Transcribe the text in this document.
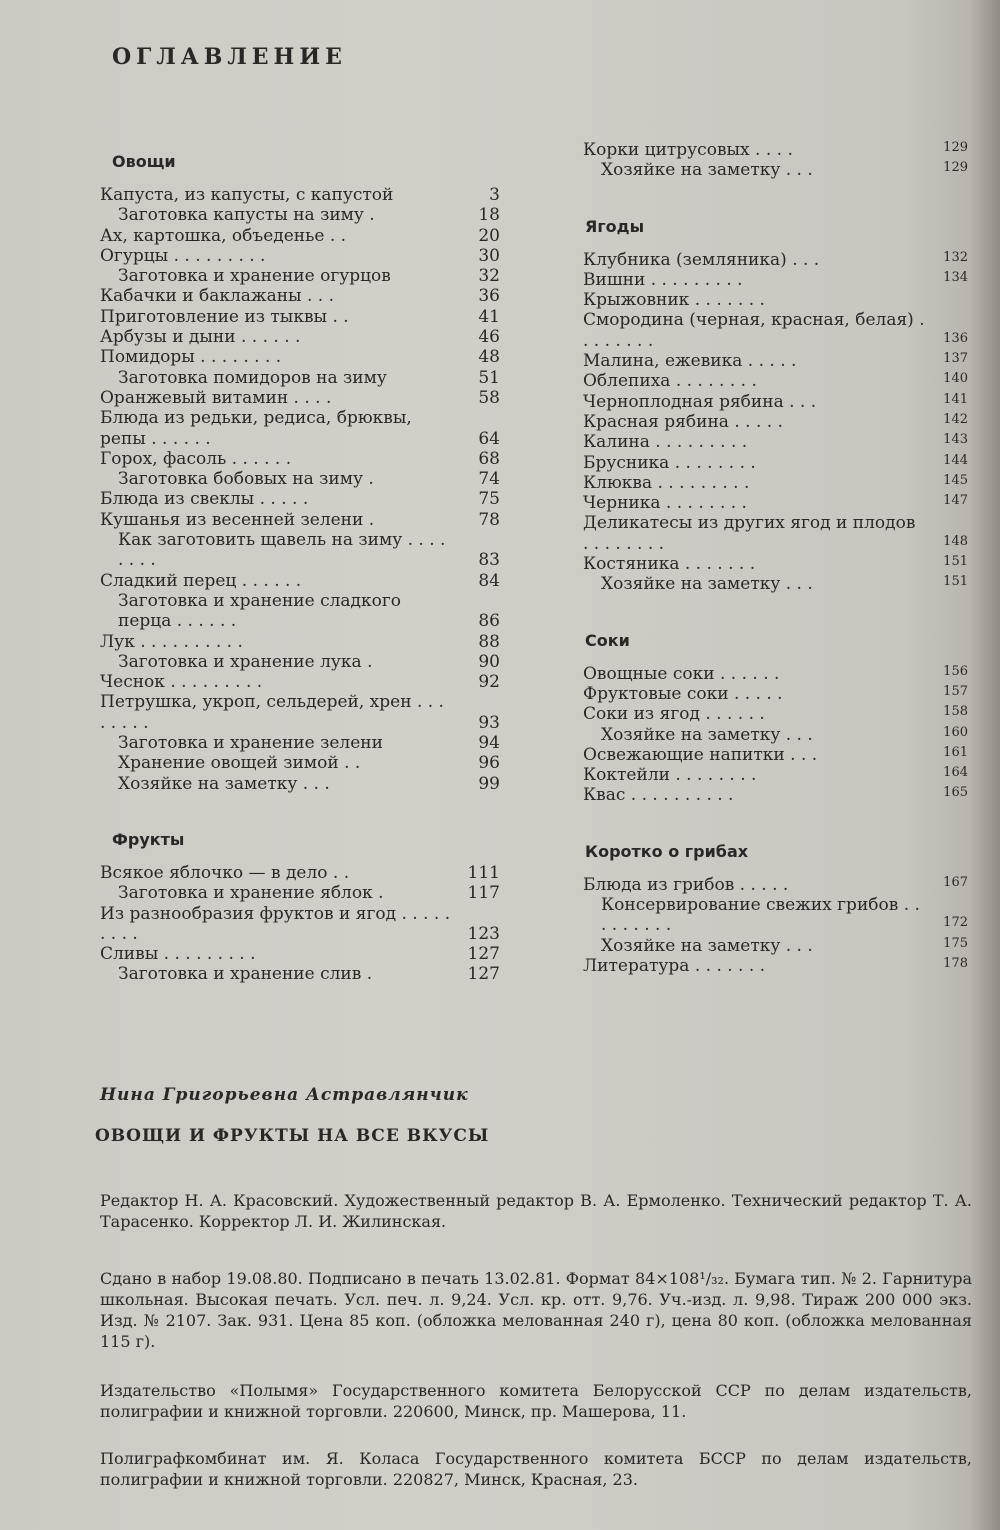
ОГЛАВЛЕНИЕ
Овощи
Капуста, из капусты, с капустой	3
Заготовка капусты на зиму .	18
Ах, картошка, объеденье . .	20
Огурцы . . . . . . . . .	30
Заготовка и хранение огурцов	32
Кабачки и баклажаны . . .	36
Приготовление из тыквы . .	41
Арбузы и дыни . . . . . .	46
Помидоры . . . . . . . .	48
Заготовка помидоров на зиму	51
Оранжевый витамин . . . .	58
Блюда из редьки, редиса, брюквы, репы . . . . . .	64
Горох, фасоль . . . . . .	68
Заготовка бобовых на зиму .	74
Блюда из свеклы . . . . .	75
Кушанья из весенней зелени .	78
Как заготовить щавель на зиму . . . . . . . .	83
Сладкий перец . . . . . .	84
Заготовка и хранение сладкого перца . . . . . .	86
Лук . . . . . . . . . .	88
Заготовка и хранение лука .	90
Чеснок . . . . . . . . .	92
Петрушка, укроп, сельдерей, хрен . . . . . . . .	93
Заготовка и хранение зелени	94
Хранение овощей зимой . .	96
Хозяйке на заметку . . .	99
Фрукты
Всякое яблочко — в дело . .	111
Заготовка и хранение яблок .	117
Из разнообразия фруктов и ягод . . . . . . . . .	123
Сливы . . . . . . . . .	127
Заготовка и хранение слив .	127
Корки цитрусовых . . . .	129
Хозяйке на заметку . . .	129
Ягоды
Клубника (земляника) . . .	132
Вишни . . . . . . . . .	134
Крыжовник . . . . . . .
Смородина (черная, красная, белая) . . . . . . . .	136
Малина, ежевика . . . . .	137
Облепиха . . . . . . . .	140
Черноплодная рябина . . .	141
Красная рябина . . . . .	142
Калина . . . . . . . . .	143
Брусника . . . . . . . .	144
Клюква . . . . . . . . .	145
Черника . . . . . . . .	147
Деликатесы из других ягод и плодов . . . . . . . .	148
Костяника . . . . . . .	151
Хозяйке на заметку . . .	151
Соки
Овощные соки . . . . . .	156
Фруктовые соки . . . . .	157
Соки из ягод . . . . . .	158
Хозяйке на заметку . . .	160
Освежающие напитки . . .	161
Коктейли . . . . . . . .	164
Квас . . . . . . . . . .	165
Коротко о грибах
Блюда из грибов . . . . .	167
Консервирование свежих грибов . . . . . . . . .	172
Хозяйке на заметку . . .	175
Литература . . . . . . .	178
Нина Григорьевна Астравлянчик
ОВОЩИ И ФРУКТЫ НА ВСЕ ВКУСЫ
Редактор Н. А. Красовский. Художественный редактор В. А. Ермоленко. Технический редактор Т. А. Тарасенко. Корректор Л. И. Жилинская.
Сдано в набор 19.08.80. Подписано в печать 13.02.81. Формат 84×108¹/₃₂. Бумага тип. № 2. Гарнитура школьная. Высокая печать. Усл. печ. л. 9,24. Усл. кр. отт. 9,76. Уч.-изд. л. 9,98. Тираж 200 000 экз. Изд. № 2107. Зак. 931. Цена 85 коп. (обложка мелованная 240 г), цена 80 коп. (обложка мелованная 115 г).
Издательство «Полымя» Государственного комитета Белорусской ССР по делам издательств, полиграфии и книжной торговли. 220600, Минск, пр. Машерова, 11.
Полиграфкомбинат им. Я. Коласа Государственного комитета БССР по делам издательств, полиграфии и книжной торговли. 220827, Минск, Красная, 23.
